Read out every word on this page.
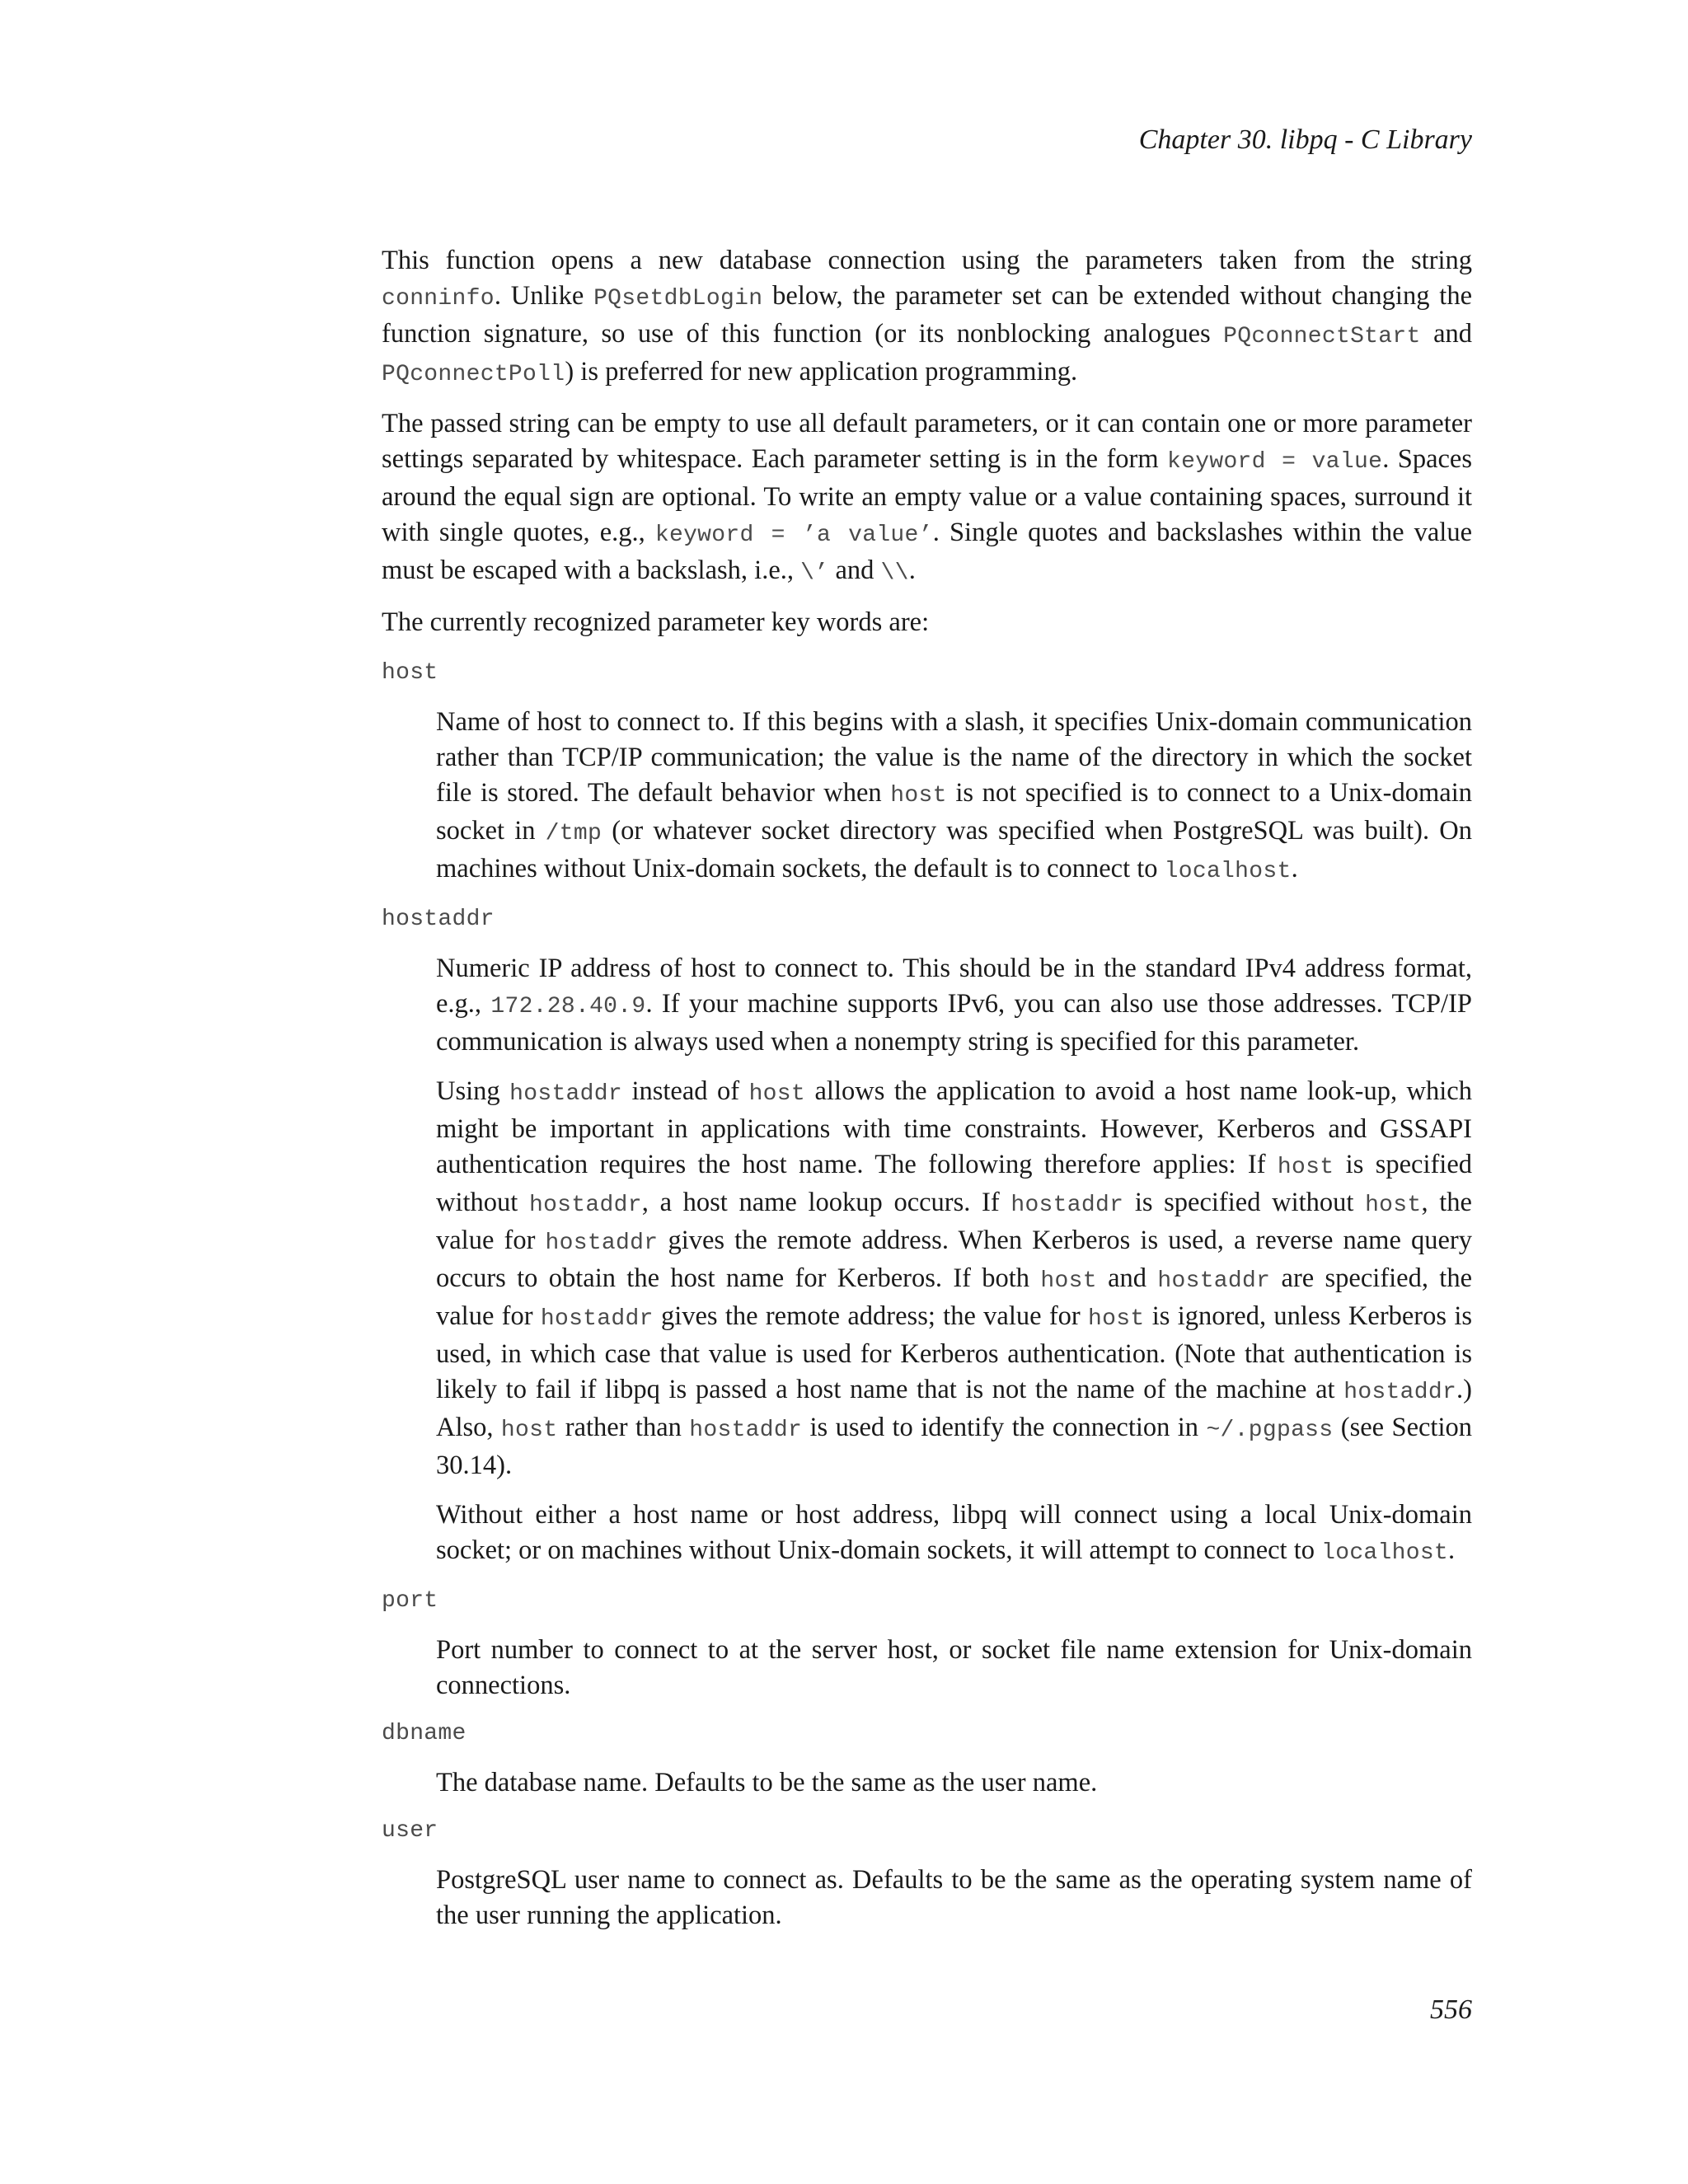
Chapter 30. libpq - C Library

This function opens a new database connection using the parameters taken from the string conninfo. Unlike PQsetdbLogin below, the parameter set can be extended without changing the function signature, so use of this function (or its nonblocking analogues PQconnectStart and PQconnectPoll) is preferred for new application programming.

The passed string can be empty to use all default parameters, or it can contain one or more parameter settings separated by whitespace. Each parameter setting is in the form keyword = value. Spaces around the equal sign are optional. To write an empty value or a value containing spaces, surround it with single quotes, e.g., keyword = ’a value’. Single quotes and backslashes within the value must be escaped with a backslash, i.e., \’ and \\.

The currently recognized parameter key words are:

host

Name of host to connect to. If this begins with a slash, it specifies Unix-domain communication rather than TCP/IP communication; the value is the name of the directory in which the socket file is stored. The default behavior when host is not specified is to connect to a Unix-domain socket in /tmp (or whatever socket directory was specified when PostgreSQL was built). On machines without Unix-domain sockets, the default is to connect to localhost.

hostaddr

Numeric IP address of host to connect to. This should be in the standard IPv4 address format, e.g., 172.28.40.9. If your machine supports IPv6, you can also use those addresses. TCP/IP communication is always used when a nonempty string is specified for this parameter.

Using hostaddr instead of host allows the application to avoid a host name look-up, which might be important in applications with time constraints. However, Kerberos and GSSAPI authentication requires the host name. The following therefore applies: If host is specified without hostaddr, a host name lookup occurs. If hostaddr is specified without host, the value for hostaddr gives the remote address. When Kerberos is used, a reverse name query occurs to obtain the host name for Kerberos. If both host and hostaddr are specified, the value for hostaddr gives the remote address; the value for host is ignored, unless Kerberos is used, in which case that value is used for Kerberos authentication. (Note that authentication is likely to fail if libpq is passed a host name that is not the name of the machine at hostaddr.) Also, host rather than hostaddr is used to identify the connection in ~/.pgpass (see Section 30.14).

Without either a host name or host address, libpq will connect using a local Unix-domain socket; or on machines without Unix-domain sockets, it will attempt to connect to localhost.

port

Port number to connect to at the server host, or socket file name extension for Unix-domain connections.

dbname

The database name. Defaults to be the same as the user name.

user

PostgreSQL user name to connect as. Defaults to be the same as the operating system name of the user running the application.

556
